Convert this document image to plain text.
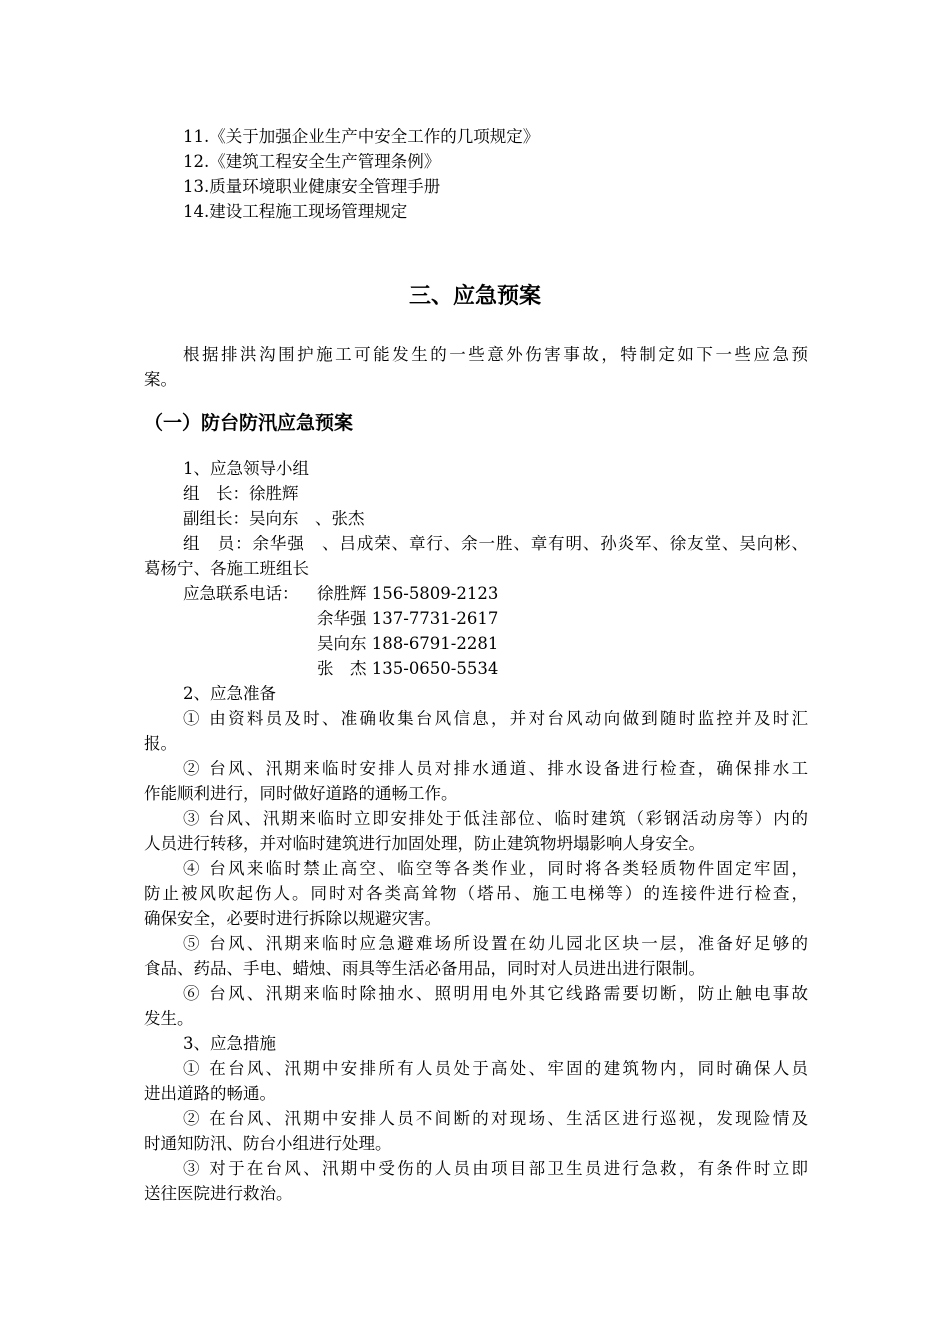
11.《关于加强企业生产中安全工作的几项规定》
12.《建筑工程安全生产管理条例》
13.质量环境职业健康安全管理手册
14.建设工程施工现场管理规定
三、应急预案
根据排洪沟围护施工可能发生的一些意外伤害事故，特制定如下一些应急预
案。
（一）防台防汛应急预案
1、应急领导小组
组　长：徐胜辉
副组长：吴向东　、张杰
组　员：余华强　、吕成荣、章行、余一胜、章有明、孙炎军、徐友堂、吴向彬、
葛杨宁、各施工班组长
应急联系电话： 徐胜辉 156-5809-2123
余华强 137-7731-2617
吴向东 188-6791-2281
张　杰 135-0650-5534
2、应急准备
① 由资料员及时、准确收集台风信息，并对台风动向做到随时监控并及时汇
报。
② 台风、汛期来临时安排人员对排水通道、排水设备进行检查，确保排水工
作能顺利进行，同时做好道路的通畅工作。
③ 台风、汛期来临时立即安排处于低洼部位、临时建筑（彩钢活动房等）内的
人员进行转移，并对临时建筑进行加固处理，防止建筑物坍塌影响人身安全。
④ 台风来临时禁止高空、临空等各类作业，同时将各类轻质物件固定牢固，
防止被风吹起伤人。同时对各类高耸物（塔吊、施工电梯等）的连接件进行检查，
确保安全，必要时进行拆除以规避灾害。
⑤ 台风、汛期来临时应急避难场所设置在幼儿园北区块一层，准备好足够的
食品、药品、手电、蜡烛、雨具等生活必备用品，同时对人员进出进行限制。
⑥ 台风、汛期来临时除抽水、照明用电外其它线路需要切断，防止触电事故
发生。
3、应急措施
① 在台风、汛期中安排所有人员处于高处、牢固的建筑物内，同时确保人员
进出道路的畅通。
② 在台风、汛期中安排人员不间断的对现场、生活区进行巡视，发现险情及
时通知防汛、防台小组进行处理。
③ 对于在台风、汛期中受伤的人员由项目部卫生员进行急救，有条件时立即
送往医院进行救治。
